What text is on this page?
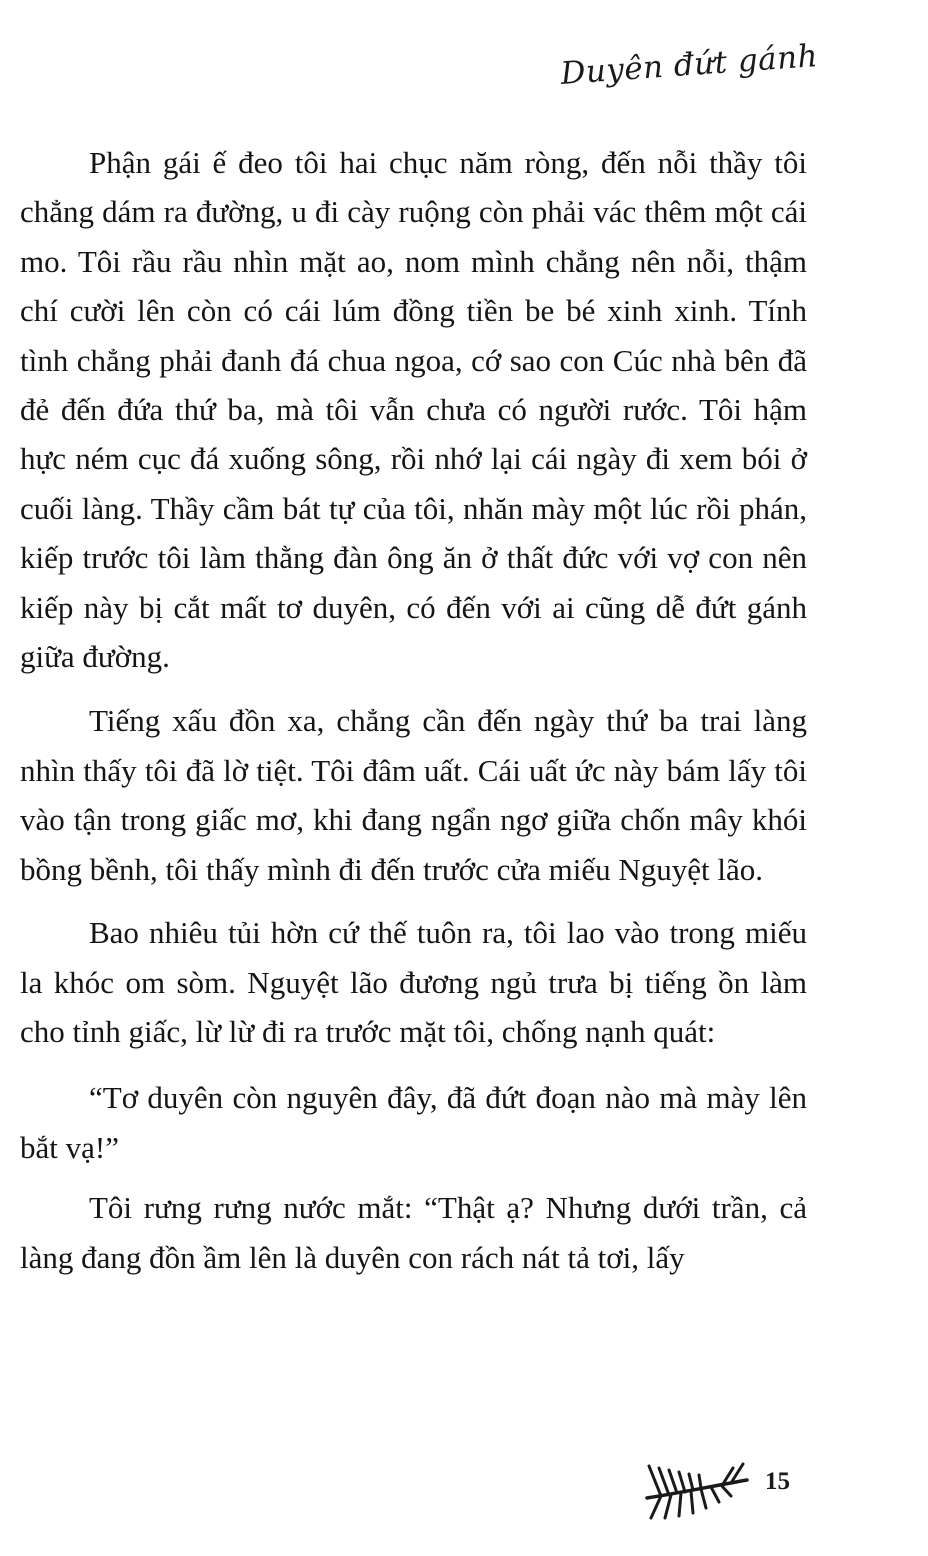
Duyên đứt gánh

Phận gái ế đeo tôi hai chục năm ròng, đến nỗi thầy tôi chẳng dám ra đường, u đi cày ruộng còn phải vác thêm một cái mo. Tôi rầu rầu nhìn mặt ao, nom mình chẳng nên nỗi, thậm chí cười lên còn có cái lúm đồng tiền be bé xinh xinh. Tính tình chẳng phải đanh đá chua ngoa, cớ sao con Cúc nhà bên đã đẻ đến đứa thứ ba, mà tôi vẫn chưa có người rước. Tôi hậm hực ném cục đá xuống sông, rồi nhớ lại cái ngày đi xem bói ở cuối làng. Thầy cầm bát tự của tôi, nhăn mày một lúc rồi phán, kiếp trước tôi làm thằng đàn ông ăn ở thất đức với vợ con nên kiếp này bị cắt mất tơ duyên, có đến với ai cũng dễ đứt gánh giữa đường.

Tiếng xấu đồn xa, chẳng cần đến ngày thứ ba trai làng nhìn thấy tôi đã lờ tiệt. Tôi đâm uất. Cái uất ức này bám lấy tôi vào tận trong giấc mơ, khi đang ngẩn ngơ giữa chốn mây khói bồng bềnh, tôi thấy mình đi đến trước cửa miếu Nguyệt lão.

Bao nhiêu tủi hờn cứ thế tuôn ra, tôi lao vào trong miếu la khóc om sòm. Nguyệt lão đương ngủ trưa bị tiếng ồn làm cho tỉnh giấc, lừ lừ đi ra trước mặt tôi, chống nạnh quát:

“Tơ duyên còn nguyên đây, đã đứt đoạn nào mà mày lên bắt vạ!”

Tôi rưng rưng nước mắt: “Thật ạ? Nhưng dưới trần, cả làng đang đồn ầm lên là duyên con rách nát tả tơi, lấy

15
